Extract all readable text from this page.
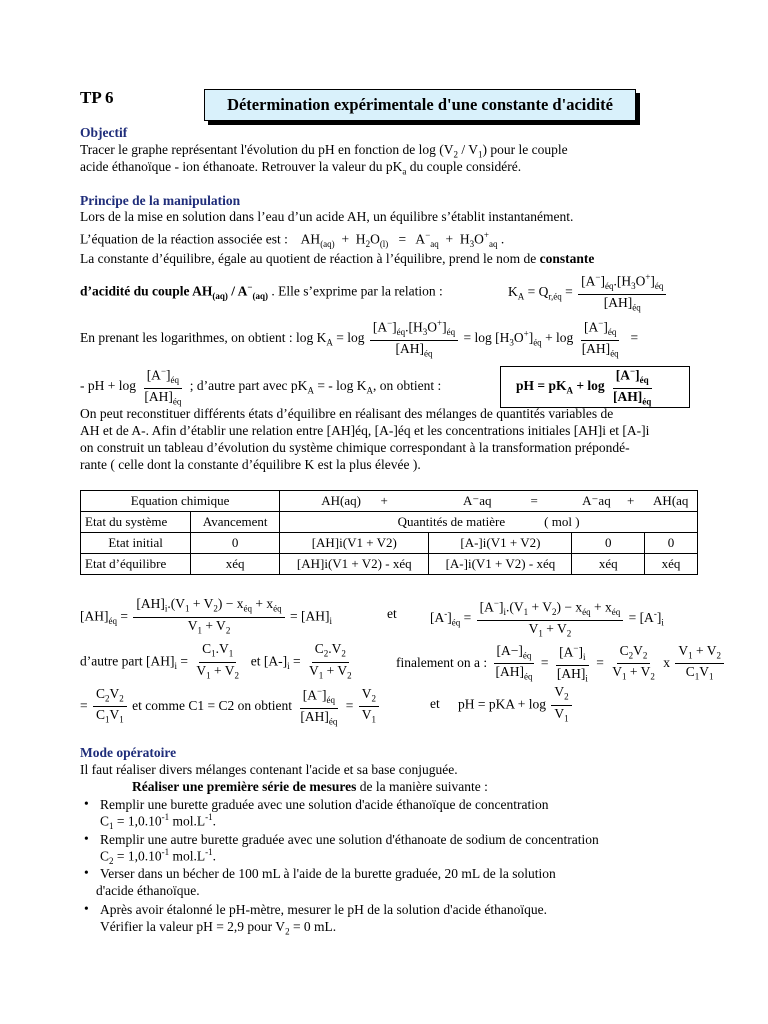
TP 6	Détermination expérimentale d'une constante d'acidité
Objectif
Tracer le graphe représentant l'évolution du pH en fonction de $\log (V_2 / V_1)$ pour le couple
acide éthanoïque - ion éthanoate. Retrouver la valeur du $pK_a$ du couple considéré.
Principe de la manipulation
Lors de la mise en solution dans l’eau d’un acide AH, un équilibre s’établit instantanément.
L’équation de la réaction associée est :    $AH_{(aq)} + H_2O_{(l)} = A^-_{aq} + H_3O^+_{aq}$ .
La constante d’équilibre, égale au quotient de réaction à l’équilibre, prend le nom de constante
d’acidité du couple $AH_{(aq)} / A^-_{(aq)}$ . Elle s’exprime par la relation :	$K_A = Q_{r,éq} = \frac{[A^-]_{éq}.[H_3O^+]_{éq}}{[AH]_{éq}}$
En prenant les logarithmes, on obtient : $\log K_A = \log \frac{[A^-]_{éq}.[H_3O^+]_{éq}}{[AH]_{éq}} = \log [H_3O^+]_{éq} + \log \frac{[A^-]_{éq}}{[AH]_{éq}}$ =
- pH + $\log \frac{[A^-]_{éq}}{[AH]_{éq}}$ ; d’autre part avec $pK_A$ = - $\log K_A$, on obtient :	pH = $pK_A + \log \frac{[A^-]_{éq}}{[AH]_{éq}}$
On peut reconstituer différents états d’équilibre en réalisant des mélanges de quantités variables de
AH et de A-. Afin d’établir une relation entre [AH]éq, [A-]éq et les concentrations initiales [AH]i et [A-]i
on construit un tableau d’évolution du système chimique correspondant à la transformation prépondé-
rante ( celle dont la constante d’équilibre K est la plus élevée ).
Equation chimique		AH(aq) +	A⁻aq =	A⁻aq +	AH(aq
Etat du système	Avancement	Quantités de matière ( mol )			
Etat initial	0	[AH]i(V1 + V2)	[A-]i(V1 + V2)	0	0
Etat d’équilibre	xéq	[AH]i(V1 + V2) - xéq	[A-]i(V1 + V2) - xéq	xéq	xéq
$[AH]_{éq} = \frac{[AH]_i.(V_1 + V_2) - x_{éq} + x_{éq}}{V_1 + V_2} = [AH]_i$	et $[A^-]_{éq} = \frac{[A^-]_i.(V_1 + V_2) - x_{éq} + x_{éq}}{V_1 + V_2} = [A^-]_i$
d’autre part $[AH]_i = \frac{C_1.V_1}{V_1 + V_2}$ et $[A-]_i = \frac{C_2.V_2}{V_1 + V_2}$	finalement on a : $\frac{[A-]_{éq}}{[AH]_{éq}} = \frac{[A^-]_i}{[AH]_i} = \frac{C_2V_2}{V_1 + V_2}$ x $\frac{V_1 + V_2}{C_1V_1}$
= $\frac{C_2V_2}{C_1V_1}$ et comme C1 = C2 on obtient $\frac{[A^-]_{éq}}{[AH]_{éq}} = \frac{V_2}{V_1}$	et pH = pKA + $\log \frac{V_2}{V_1}$
Mode opératoire
Il faut réaliser divers mélanges contenant l'acide et sa base conjuguée.
Réaliser une première série de mesures de la manière suivante :
• Remplir une burette graduée avec une solution d'acide éthanoïque de concentration
$C_1 = 1,0.10^{-1}$ $mol.L^{-1}$.
• Remplir une autre burette graduée avec une solution d'éthanoate de sodium de concentration
$C_2 = 1,0.10^{-1}$ $mol.L^{-1}$.
• Verser dans un bécher de 100 mL à l'aide de la burette graduée, 20 mL de la solution
d'acide éthanoïque.
• Après avoir étalonné le pH-mètre, mesurer le pH de la solution d'acide éthanoïque.
Vérifier la valeur pH = 2,9 pour $V_2 = 0$ mL.
